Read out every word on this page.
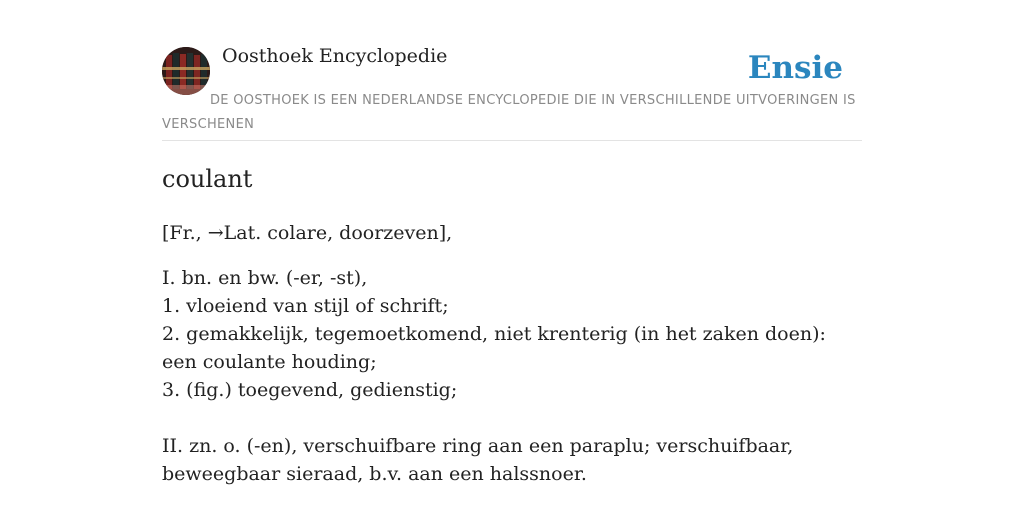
Oosthoek Encyclopedie	Ensie
DE OOSTHOEK IS EEN NEDERLANDSE ENCYCLOPEDIE DIE IN VERSCHILLENDE UITVOERINGEN IS VERSCHENEN
coulant

[Fr., →Lat. colare, doorzeven],

I. bn. en bw. (-er, -st),
1. vloeiend van stijl of schrift;
2. gemakkelijk, tegemoetkomend, niet krenterig (in het zaken doen): een coulante houding;
3. (fig.) toegevend, gedienstig;
II. zn. o. (-en), verschuifbare ring aan een paraplu; verschuifbaar, beweegbaar sieraad, b.v. aan een halssnoer.
